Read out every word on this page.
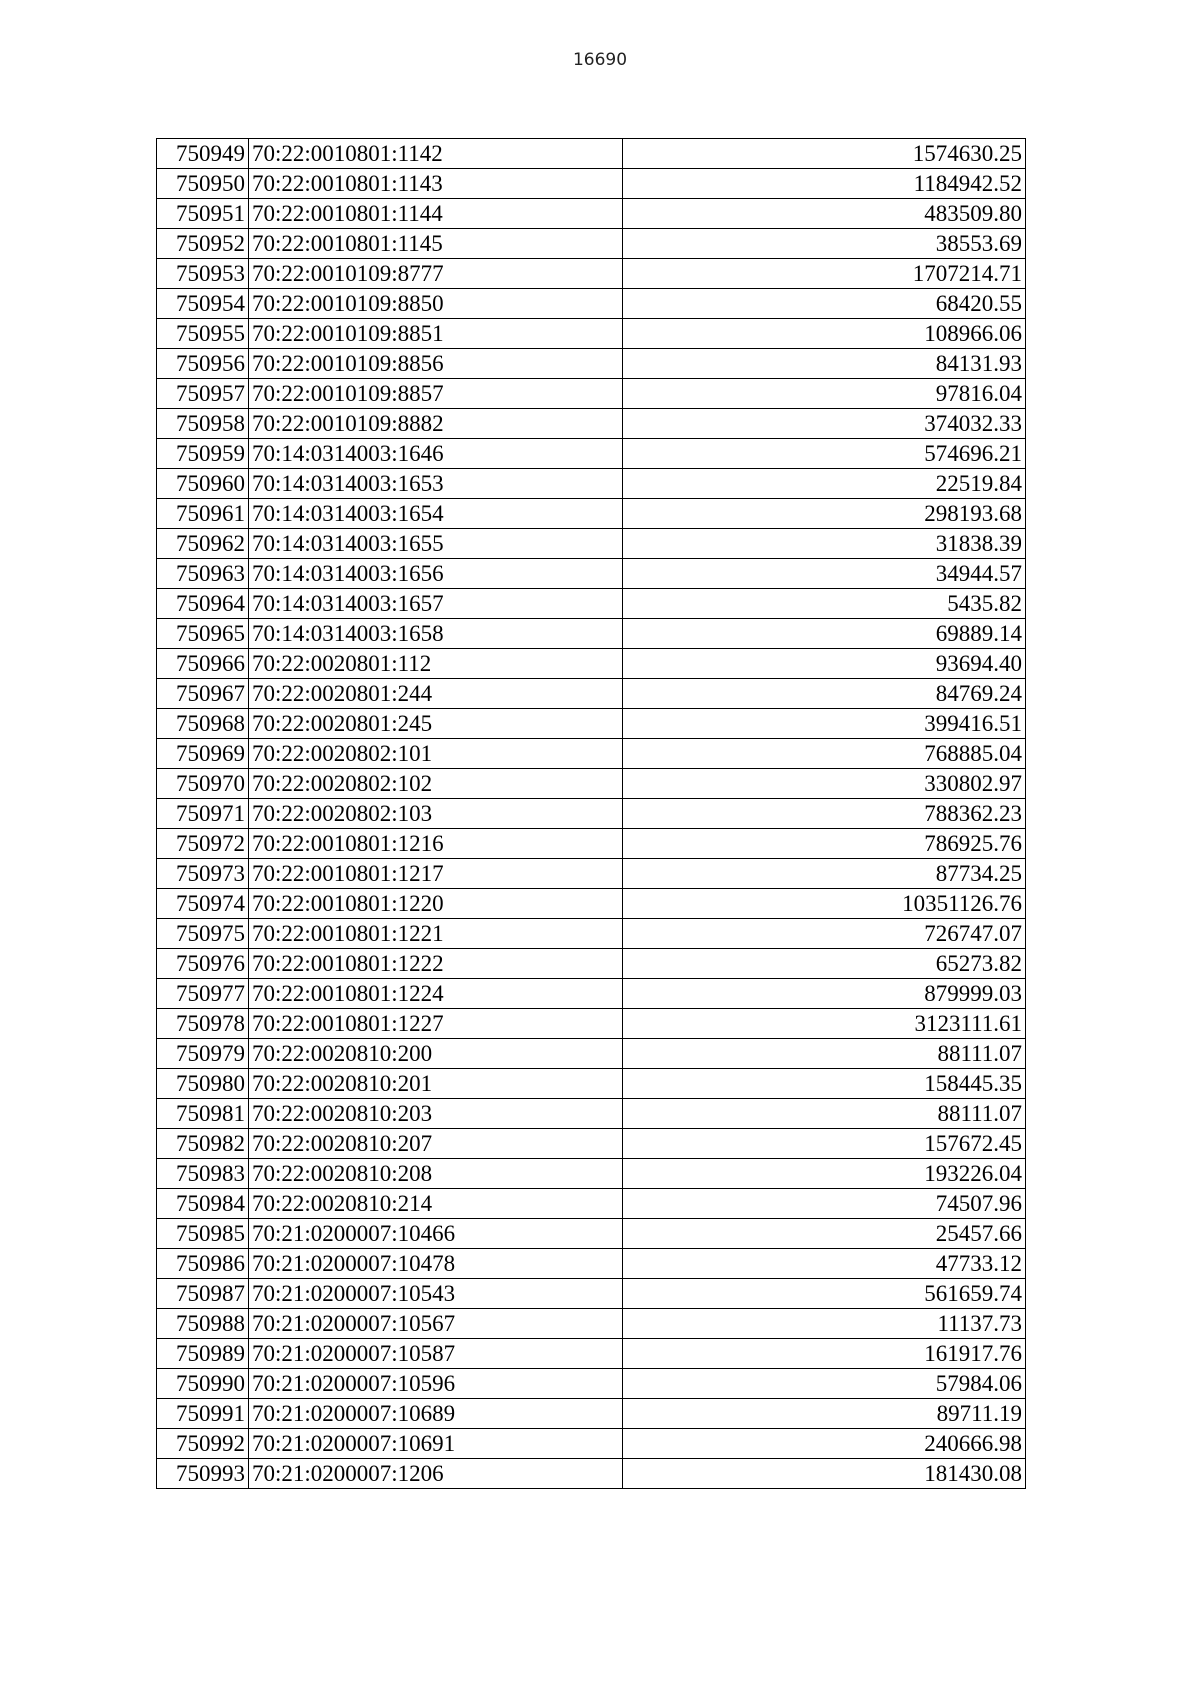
16690
750949	70:22:0010801:1142	1574630.25
750950	70:22:0010801:1143	1184942.52
750951	70:22:0010801:1144	483509.80
750952	70:22:0010801:1145	38553.69
750953	70:22:0010109:8777	1707214.71
750954	70:22:0010109:8850	68420.55
750955	70:22:0010109:8851	108966.06
750956	70:22:0010109:8856	84131.93
750957	70:22:0010109:8857	97816.04
750958	70:22:0010109:8882	374032.33
750959	70:14:0314003:1646	574696.21
750960	70:14:0314003:1653	22519.84
750961	70:14:0314003:1654	298193.68
750962	70:14:0314003:1655	31838.39
750963	70:14:0314003:1656	34944.57
750964	70:14:0314003:1657	5435.82
750965	70:14:0314003:1658	69889.14
750966	70:22:0020801:112	93694.40
750967	70:22:0020801:244	84769.24
750968	70:22:0020801:245	399416.51
750969	70:22:0020802:101	768885.04
750970	70:22:0020802:102	330802.97
750971	70:22:0020802:103	788362.23
750972	70:22:0010801:1216	786925.76
750973	70:22:0010801:1217	87734.25
750974	70:22:0010801:1220	10351126.76
750975	70:22:0010801:1221	726747.07
750976	70:22:0010801:1222	65273.82
750977	70:22:0010801:1224	879999.03
750978	70:22:0010801:1227	3123111.61
750979	70:22:0020810:200	88111.07
750980	70:22:0020810:201	158445.35
750981	70:22:0020810:203	88111.07
750982	70:22:0020810:207	157672.45
750983	70:22:0020810:208	193226.04
750984	70:22:0020810:214	74507.96
750985	70:21:0200007:10466	25457.66
750986	70:21:0200007:10478	47733.12
750987	70:21:0200007:10543	561659.74
750988	70:21:0200007:10567	11137.73
750989	70:21:0200007:10587	161917.76
750990	70:21:0200007:10596	57984.06
750991	70:21:0200007:10689	89711.19
750992	70:21:0200007:10691	240666.98
750993	70:21:0200007:1206	181430.08
